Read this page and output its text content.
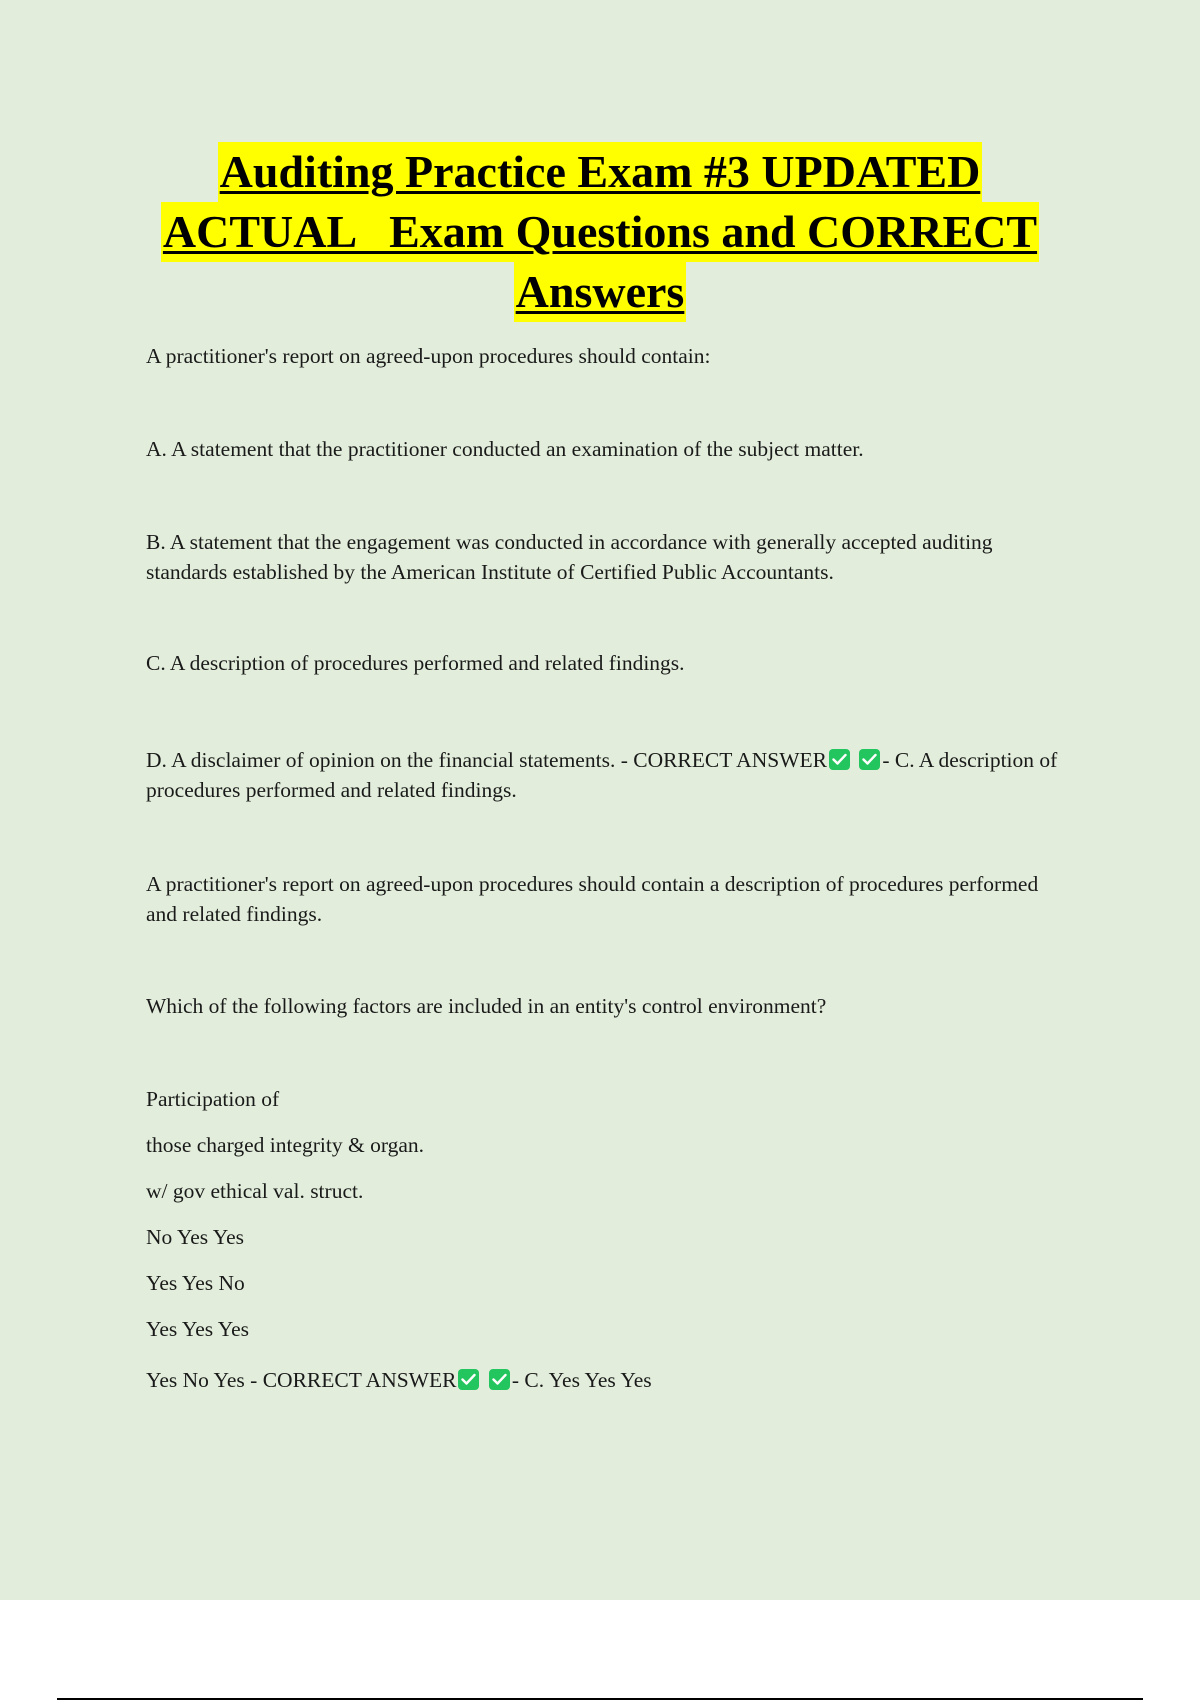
Auditing Practice Exam #3 UPDATED
ACTUAL   Exam Questions and CORRECT
Answers

A practitioner's report on agreed-upon procedures should contain:

A. A statement that the practitioner conducted an examination of the subject matter.

B. A statement that the engagement was conducted in accordance with generally accepted auditing standards established by the American Institute of Certified Public Accountants.

C. A description of procedures performed and related findings.

D. A disclaimer of opinion on the financial statements. - CORRECT ANSWER
	- C. A description of procedures performed and related findings.

A practitioner's report on agreed-upon procedures should contain a description of procedures performed and related findings.

Which of the following factors are included in an entity's control environment?

Participation of

those charged integrity & organ.

w/ gov ethical val. struct.

No Yes Yes

Yes Yes No

Yes Yes Yes

Yes No Yes - CORRECT ANSWER
	- C. Yes Yes Yes
